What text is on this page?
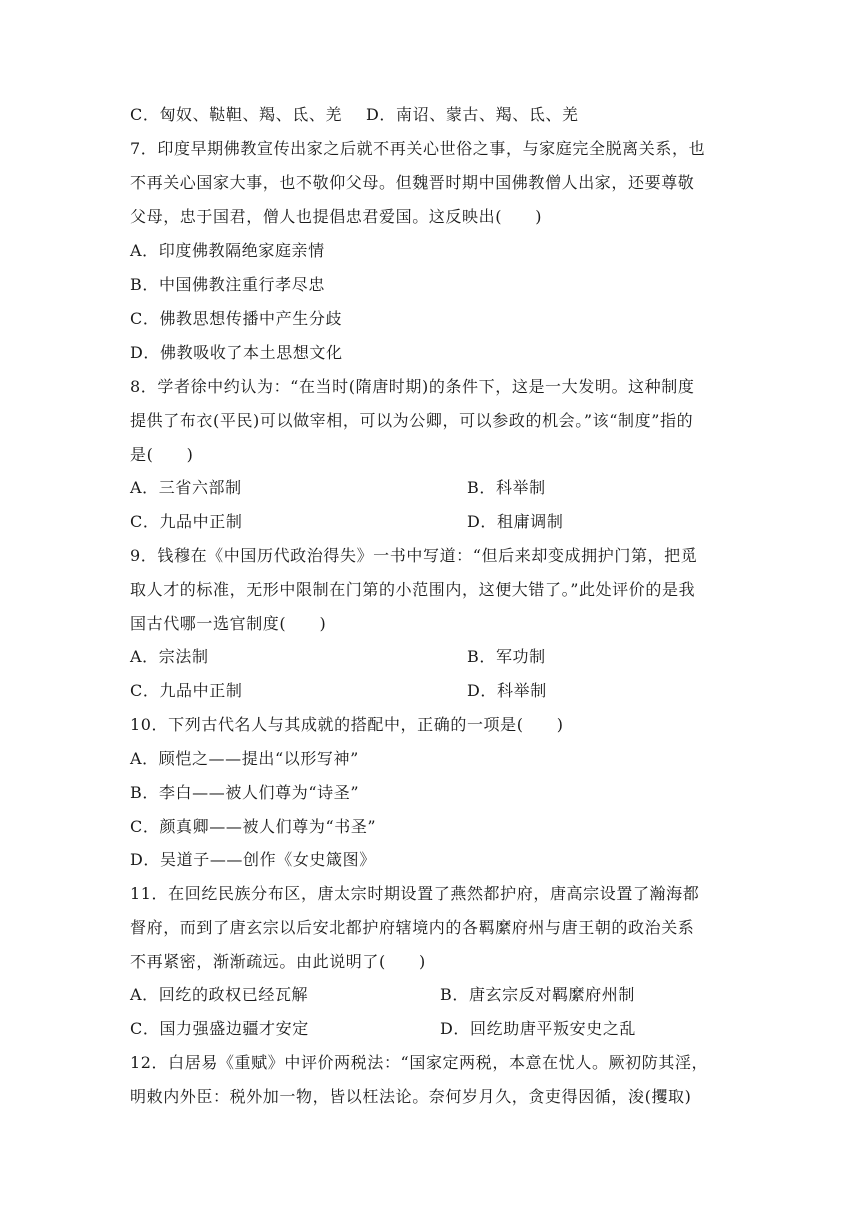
C．匈奴、鞑靼、羯、氐、羌 D．南诏、蒙古、羯、氐、羌
7．印度早期佛教宣传出家之后就不再关心世俗之事，与家庭完全脱离关系，也
不再关心国家大事，也不敬仰父母。但魏晋时期中国佛教僧人出家，还要尊敬
父母，忠于国君，僧人也提倡忠君爱国。这反映出(　　)
A．印度佛教隔绝家庭亲情
B．中国佛教注重行孝尽忠
C．佛教思想传播中产生分歧
D．佛教吸收了本土思想文化
8．学者徐中约认为：“在当时(隋唐时期)的条件下，这是一大发明。这种制度
提供了布衣(平民)可以做宰相，可以为公卿，可以参政的机会。”该“制度”指的
是(　　)
A．三省六部制	B．科举制
C．九品中正制	D．租庸调制
9．钱穆在《中国历代政治得失》一书中写道：“但后来却变成拥护门第，把觅
取人才的标准，无形中限制在门第的小范围内，这便大错了。”此处评价的是我
国古代哪一选官制度(　　)
A．宗法制	B．军功制
C．九品中正制	D．科举制
10．下列古代名人与其成就的搭配中，正确的一项是(　　)
A．顾恺之——提出“以形写神”
B．李白——被人们尊为“诗圣”
C．颜真卿——被人们尊为“书圣”
D．吴道子——创作《女史箴图》
11．在回纥民族分布区，唐太宗时期设置了燕然都护府，唐高宗设置了瀚海都
督府，而到了唐玄宗以后安北都护府辖境内的各羁縻府州与唐王朝的政治关系
不再紧密，渐渐疏远。由此说明了(　　)
A．回纥的政权已经瓦解	B．唐玄宗反对羁縻府州制
C．国力强盛边疆才安定	D．回纥助唐平叛安史之乱
12．白居易《重赋》中评价两税法：“国家定两税，本意在忧人。厥初防其淫，
明敕内外臣：税外加一物，皆以枉法论。奈何岁月久，贪吏得因循，浚(攫取)
